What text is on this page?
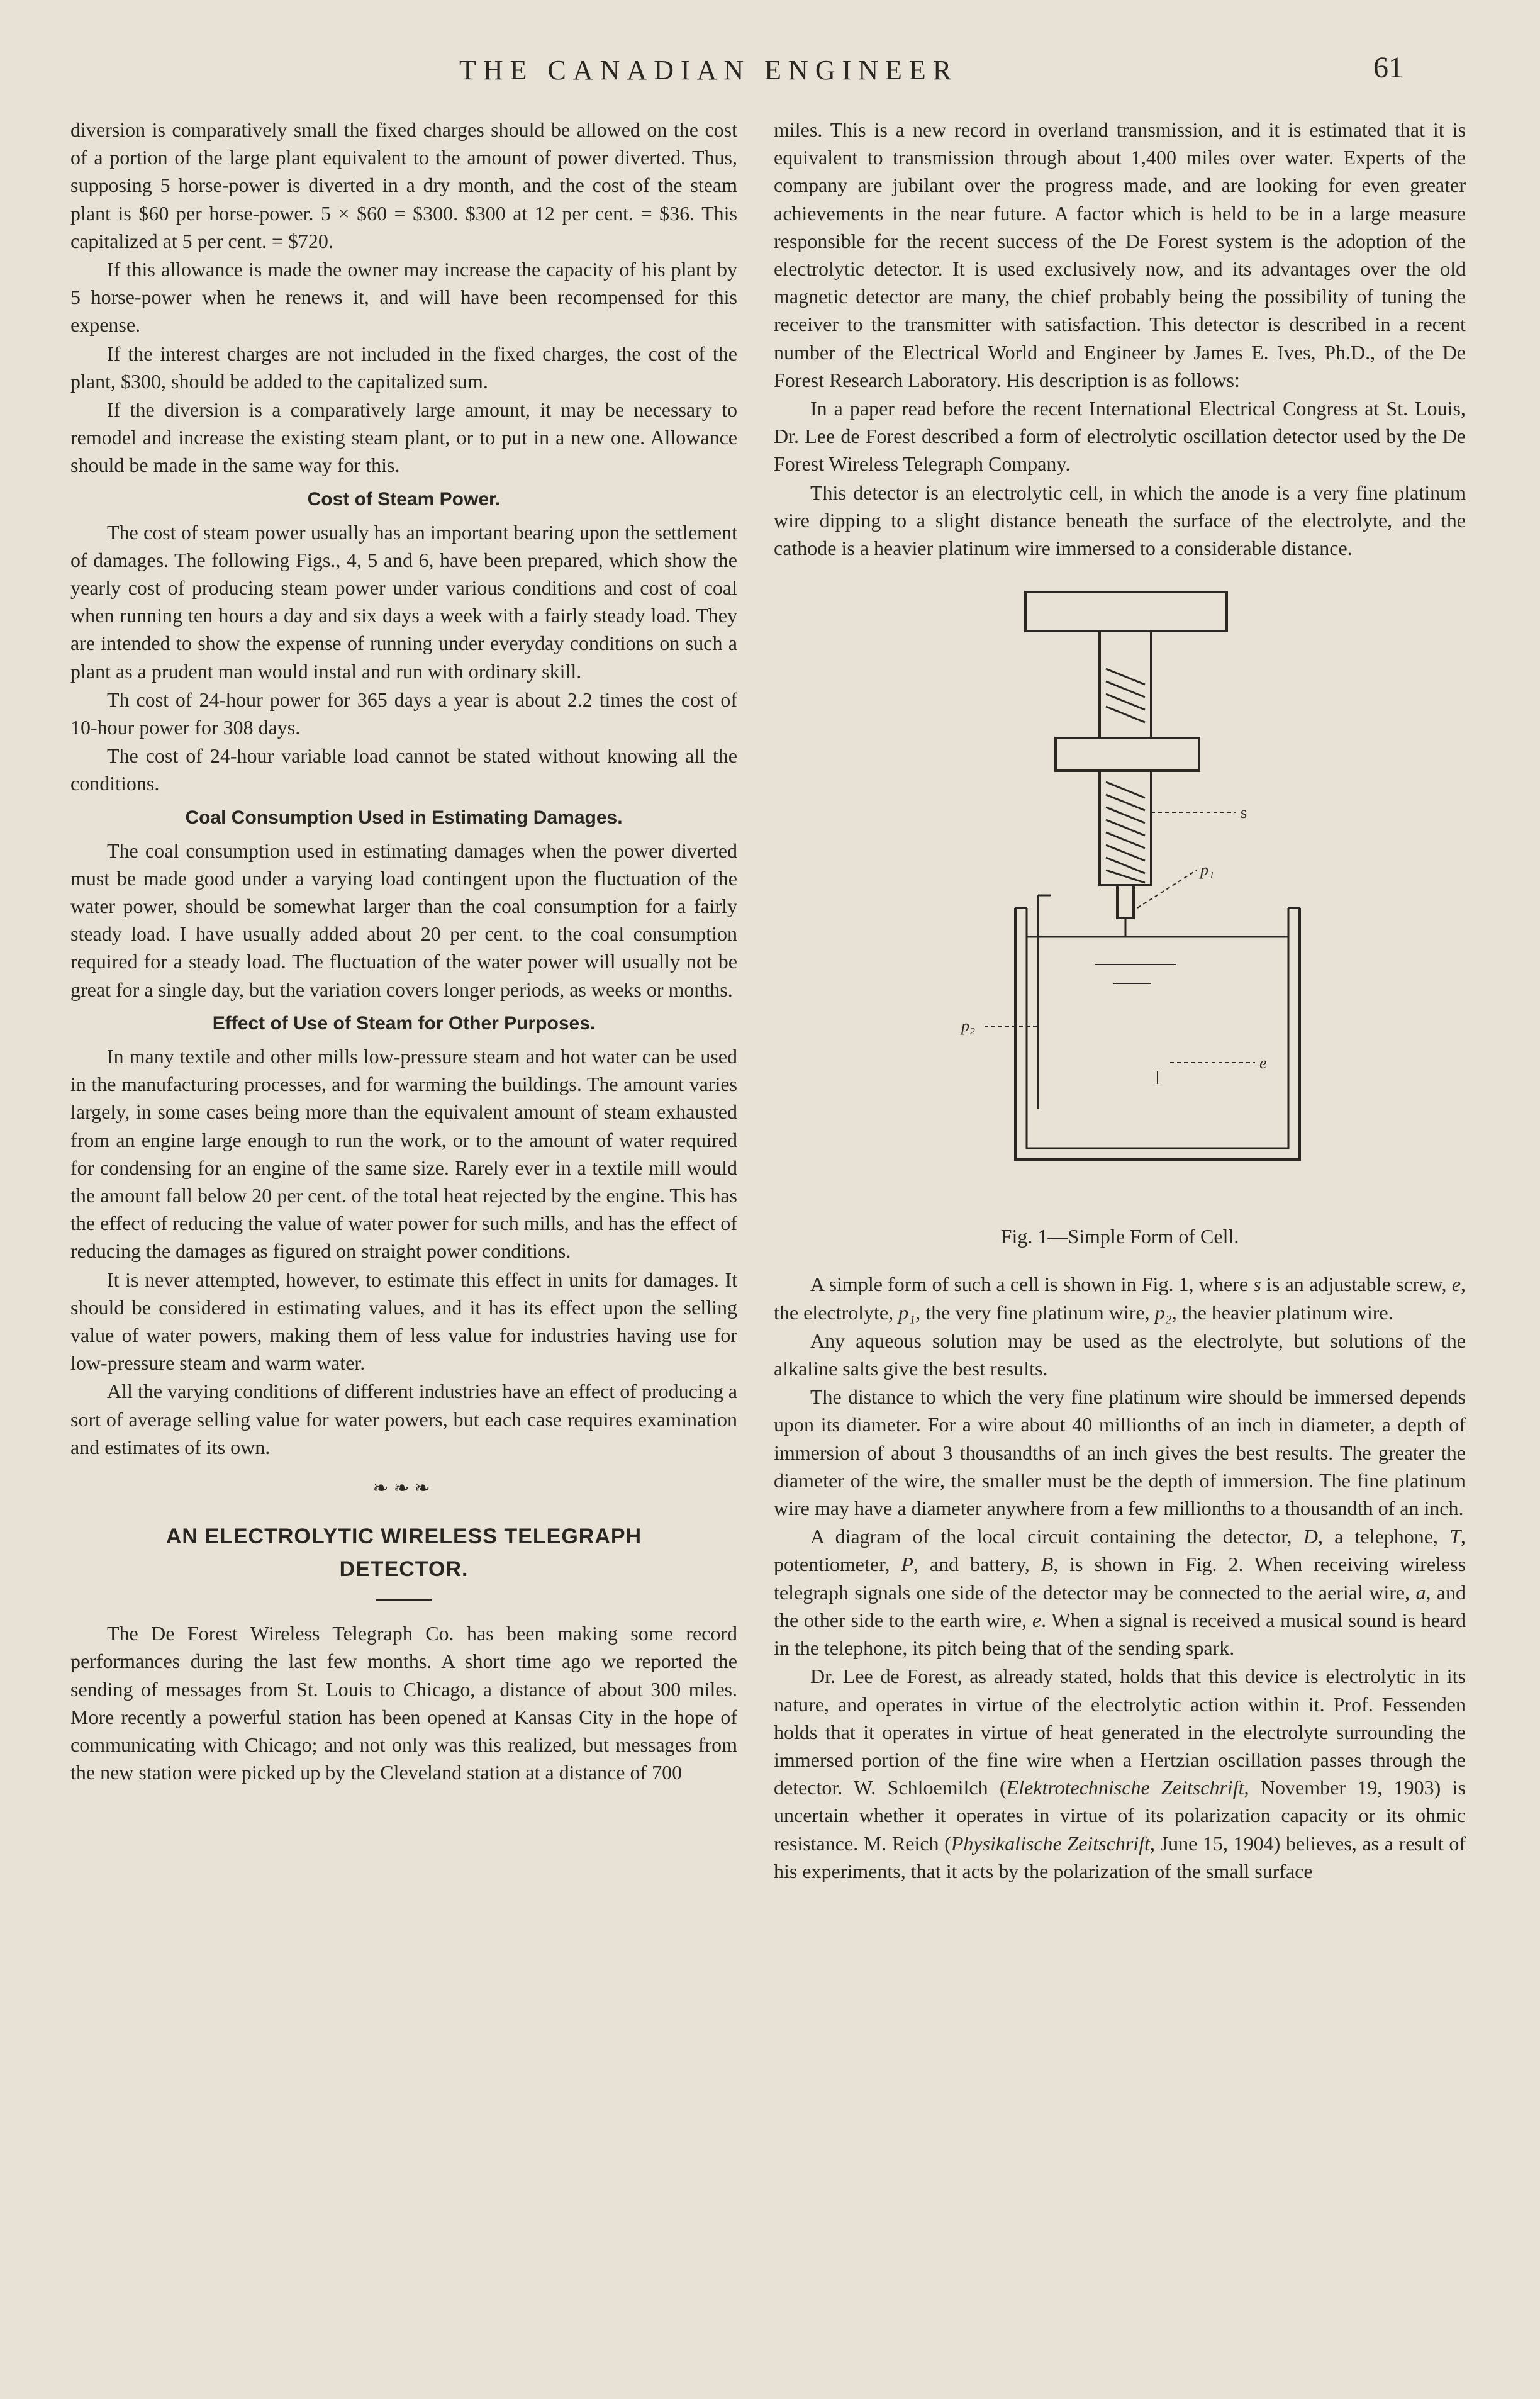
THE CANADIAN ENGINEER	61

diversion is comparatively small the fixed charges should be allowed on the cost of a portion of the large plant equivalent to the amount of power diverted. Thus, supposing 5 horse-power is diverted in a dry month, and the cost of the steam plant is $60 per horse-power. 5 × $60 = $300. $300 at 12 per cent. = $36. This capitalized at 5 per cent. = $720.

If this allowance is made the owner may increase the capacity of his plant by 5 horse-power when he renews it, and will have been recompensed for this expense.

If the interest charges are not included in the fixed charges, the cost of the plant, $300, should be added to the capitalized sum.

If the diversion is a comparatively large amount, it may be necessary to remodel and increase the existing steam plant, or to put in a new one. Allowance should be made in the same way for this.

Cost of Steam Power.

The cost of steam power usually has an important bearing upon the settlement of damages. The following Figs., 4, 5 and 6, have been prepared, which show the yearly cost of producing steam power under various conditions and cost of coal when running ten hours a day and six days a week with a fairly steady load. They are intended to show the expense of running under everyday conditions on such a plant as a prudent man would instal and run with ordinary skill.

Th cost of 24-hour power for 365 days a year is about 2.2 times the cost of 10-hour power for 308 days.

The cost of 24-hour variable load cannot be stated without knowing all the conditions.

Coal Consumption Used in Estimating Damages.

The coal consumption used in estimating damages when the power diverted must be made good under a varying load contingent upon the fluctuation of the water power, should be somewhat larger than the coal consumption for a fairly steady load. I have usually added about 20 per cent. to the coal consumption required for a steady load. The fluctuation of the water power will usually not be great for a single day, but the variation covers longer periods, as weeks or months.

Effect of Use of Steam for Other Purposes.

In many textile and other mills low-pressure steam and hot water can be used in the manufacturing processes, and for warming the buildings. The amount varies largely, in some cases being more than the equivalent amount of steam exhausted from an engine large enough to run the work, or to the amount of water required for condensing for an engine of the same size. Rarely ever in a textile mill would the amount fall below 20 per cent. of the total heat rejected by the engine. This has the effect of reducing the value of water power for such mills, and has the effect of reducing the damages as figured on straight power conditions.

It is never attempted, however, to estimate this effect in units for damages. It should be considered in estimating values, and it has its effect upon the selling value of water powers, making them of less value for industries having use for low-pressure steam and warm water.

All the varying conditions of different industries have an effect of producing a sort of average selling value for water powers, but each case requires examination and estimates of its own.

❧❧❧
AN ELECTROLYTIC WIRELESS TELEGRAPH
DETECTOR.

The De Forest Wireless Telegraph Co. has been making some record performances during the last few months. A short time ago we reported the sending of messages from St. Louis to Chicago, a distance of about 300 miles. More recently a powerful station has been opened at Kansas City in the hope of communicating with Chicago; and not only was this realized, but messages from the new station were picked up by the Cleveland station at a distance of 700

miles. This is a new record in overland transmission, and it is estimated that it is equivalent to transmission through about 1,400 miles over water. Experts of the company are jubilant over the progress made, and are looking for even greater achievements in the near future. A factor which is held to be in a large measure responsible for the recent success of the De Forest system is the adoption of the electrolytic detector. It is used exclusively now, and its advantages over the old magnetic detector are many, the chief probably being the possibility of tuning the receiver to the transmitter with satisfaction. This detector is described in a recent number of the Electrical World and Engineer by James E. Ives, Ph.D., of the De Forest Research Laboratory. His description is as follows:

In a paper read before the recent International Electrical Congress at St. Louis, Dr. Lee de Forest described a form of electrolytic oscillation detector used by the De Forest Wireless Telegraph Company.

This detector is an electrolytic cell, in which the anode is a very fine platinum wire dipping to a slight distance beneath the surface of the electrolyte, and the cathode is a heavier platinum wire immersed to a considerable distance.

s
p₁
p₂
e
Fig. 1—Simple Form of Cell.

A simple form of such a cell is shown in Fig. 1, where s is an adjustable screw, e, the electrolyte, p₁, the very fine platinum wire, p₂, the heavier platinum wire.

Any aqueous solution may be used as the electrolyte, but solutions of the alkaline salts give the best results.

The distance to which the very fine platinum wire should be immersed depends upon its diameter. For a wire about 40 millionths of an inch in diameter, a depth of immersion of about 3 thousandths of an inch gives the best results. The greater the diameter of the wire, the smaller must be the depth of immersion. The fine platinum wire may have a diameter anywhere from a few millionths to a thousandth of an inch.

A diagram of the local circuit containing the detector, D, a telephone, T, potentiometer, P, and battery, B, is shown in Fig. 2. When receiving wireless telegraph signals one side of the detector may be connected to the aerial wire, a, and the other side to the earth wire, e. When a signal is received a musical sound is heard in the telephone, its pitch being that of the sending spark.

Dr. Lee de Forest, as already stated, holds that this device is electrolytic in its nature, and operates in virtue of the electrolytic action within it. Prof. Fessenden holds that it operates in virtue of heat generated in the electrolyte surrounding the immersed portion of the fine wire when a Hertzian oscillation passes through the detector. W. Schloemilch (Elektrotechnische Zeitschrift, November 19, 1903) is uncertain whether it operates in virtue of its polarization capacity or its ohmic resistance. M. Reich (Physikalische Zeitschrift, June 15, 1904) believes, as a result of his experiments, that it acts by the polarization of the small surface
